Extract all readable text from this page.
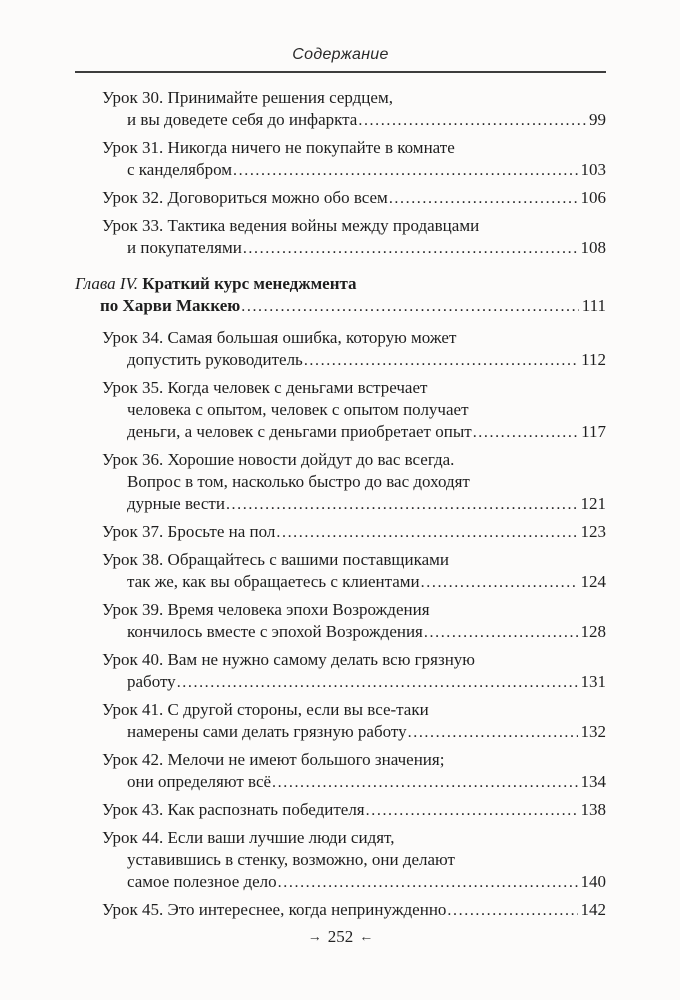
Содержание
Урок 30. Принимайте решения сердцем,
и вы доведете себя до инфаркта .....	99
Урок 31. Никогда ничего не покупайте в комнате
с канделябром .....	103
Урок 32. Договориться можно обо всем .....	106
Урок 33. Тактика ведения войны между продавцами
и покупателями .....	108
Глава IV. Краткий курс менеджмента
по Харви Маккею .....	111
Урок 34. Самая большая ошибка, которую может
допустить руководитель .....	112
Урок 35. Когда человек с деньгами встречает
человека с опытом, человек с опытом получает
деньги, а человек с деньгами приобретает опыт .....	117
Урок 36. Хорошие новости дойдут до вас всегда.
Вопрос в том, насколько быстро до вас доходят
дурные вести .....	121
Урок 37. Бросьте на пол .....	123
Урок 38. Обращайтесь с вашими поставщиками
так же, как вы обращаетесь с клиентами .....	124
Урок 39. Время человека эпохи Возрождения
кончилось вместе с эпохой Возрождения .....	128
Урок 40. Вам не нужно самому делать всю грязную
работу .....	131
Урок 41. С другой стороны, если вы все-таки
намерены сами делать грязную работу .....	132
Урок 42. Мелочи не имеют большого значения;
они определяют всё .....	134
Урок 43. Как распознать победителя .....	138
Урок 44. Если ваши лучшие люди сидят,
уставившись в стенку, возможно, они делают
самое полезное дело .....	140
Урок 45. Это интереснее, когда непринужденно .....	142
→ 252 ←
